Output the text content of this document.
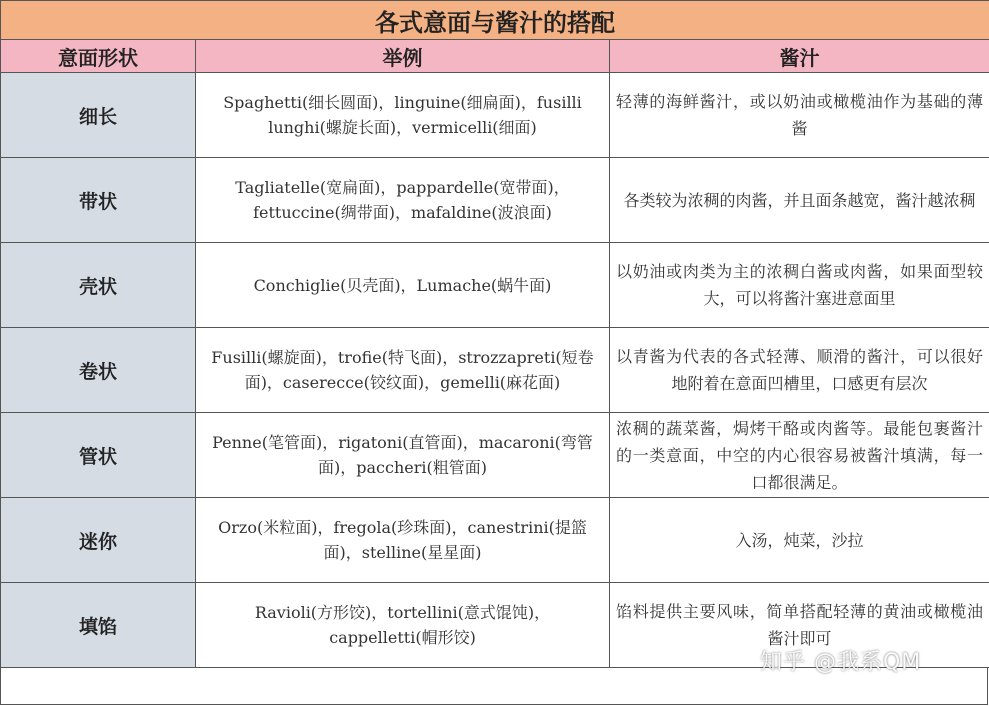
各式意面与酱汁的搭配		
意面形状	举例	酱汁
细长	Spaghetti(细长圆面)，linguine(细扁面)，fusilli lunghi(螺旋长面)，vermicelli(细面)	轻薄的海鲜酱汁，或以奶油或橄榄油作为基础的薄酱
带状	Tagliatelle(宽扁面)，pappardelle(宽带面)，fettuccine(绸带面)，mafaldine(波浪面)	各类较为浓稠的肉酱，并且面条越宽，酱汁越浓稠
壳状	Conchiglie(贝壳面)，Lumache(蜗牛面)	以奶油或肉类为主的浓稠白酱或肉酱，如果面型较大，可以将酱汁塞进意面里
卷状	Fusilli(螺旋面)，trofie(特飞面)，strozzapreti(短卷面)，caserecce(铰纹面)，gemelli(麻花面)	以青酱为代表的各式轻薄、顺滑的酱汁，可以很好地附着在意面凹槽里，口感更有层次
管状	Penne(笔管面)，rigatoni(直管面)，macaroni(弯管面)，paccheri(粗管面)	浓稠的蔬菜酱，焗烤干酪或肉酱等。最能包裹酱汁的一类意面，中空的内心很容易被酱汁填满，每一口都很满足。
迷你	Orzo(米粒面)，fregola(珍珠面)，canestrini(提篮面)，stelline(星星面)	入汤，炖菜，沙拉
填馅	Ravioli(方形饺)，tortellini(意式馄饨)，cappelletti(帽形饺)	馅料提供主要风味，简单搭配轻薄的黄油或橄榄油酱汁即可
知乎 @我系QM
